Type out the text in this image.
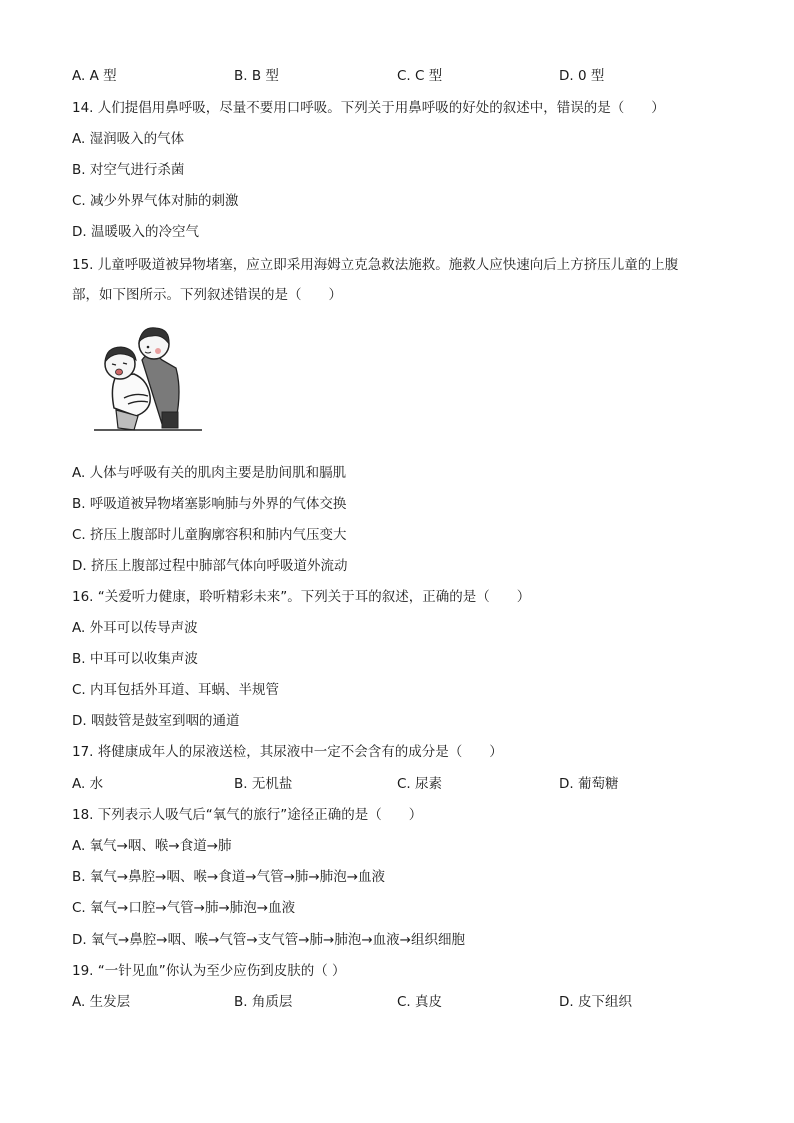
A. A 型	B. B 型	C. C 型	D. 0 型
14. 人们提倡用鼻呼吸，尽量不要用口呼吸。下列关于用鼻呼吸的好处的叙述中，错误的是（　　）
A. 湿润吸入的气体
B. 对空气进行杀菌
C. 减少外界气体对肺的刺激
D. 温暖吸入的冷空气
15. 儿童呼吸道被异物堵塞，应立即采用海姆立克急救法施救。施救人应快速向后上方挤压儿童的上腹
部，如下图所示。下列叙述错误的是（　　）
A. 人体与呼吸有关的肌肉主要是肋间肌和膈肌
B. 呼吸道被异物堵塞影响肺与外界的气体交换
C. 挤压上腹部时儿童胸廓容积和肺内气压变大
D. 挤压上腹部过程中肺部气体向呼吸道外流动
16. “关爱听力健康，聆听精彩未来”。下列关于耳的叙述，正确的是（　　）
A. 外耳可以传导声波
B. 中耳可以收集声波
C. 内耳包括外耳道、耳蜗、半规管
D. 咽鼓管是鼓室到咽的通道
17. 将健康成年人的尿液送检，其尿液中一定不会含有的成分是（　　）
A. 水	B. 无机盐	C. 尿素	D. 葡萄糖
18. 下列表示人吸气后“氧气的旅行”途径正确的是（　　）
A. 氧气→咽、喉→食道→肺
B. 氧气→鼻腔→咽、喉→食道→气管→肺→肺泡→血液
C. 氧气→口腔→气管→肺→肺泡→血液
D. 氧气→鼻腔→咽、喉→气管→支气管→肺→肺泡→血液→组织细胞
19. “一针见血”你认为至少应伤到皮肤的（ ）
A. 生发层	B. 角质层	C. 真皮	D. 皮下组织
